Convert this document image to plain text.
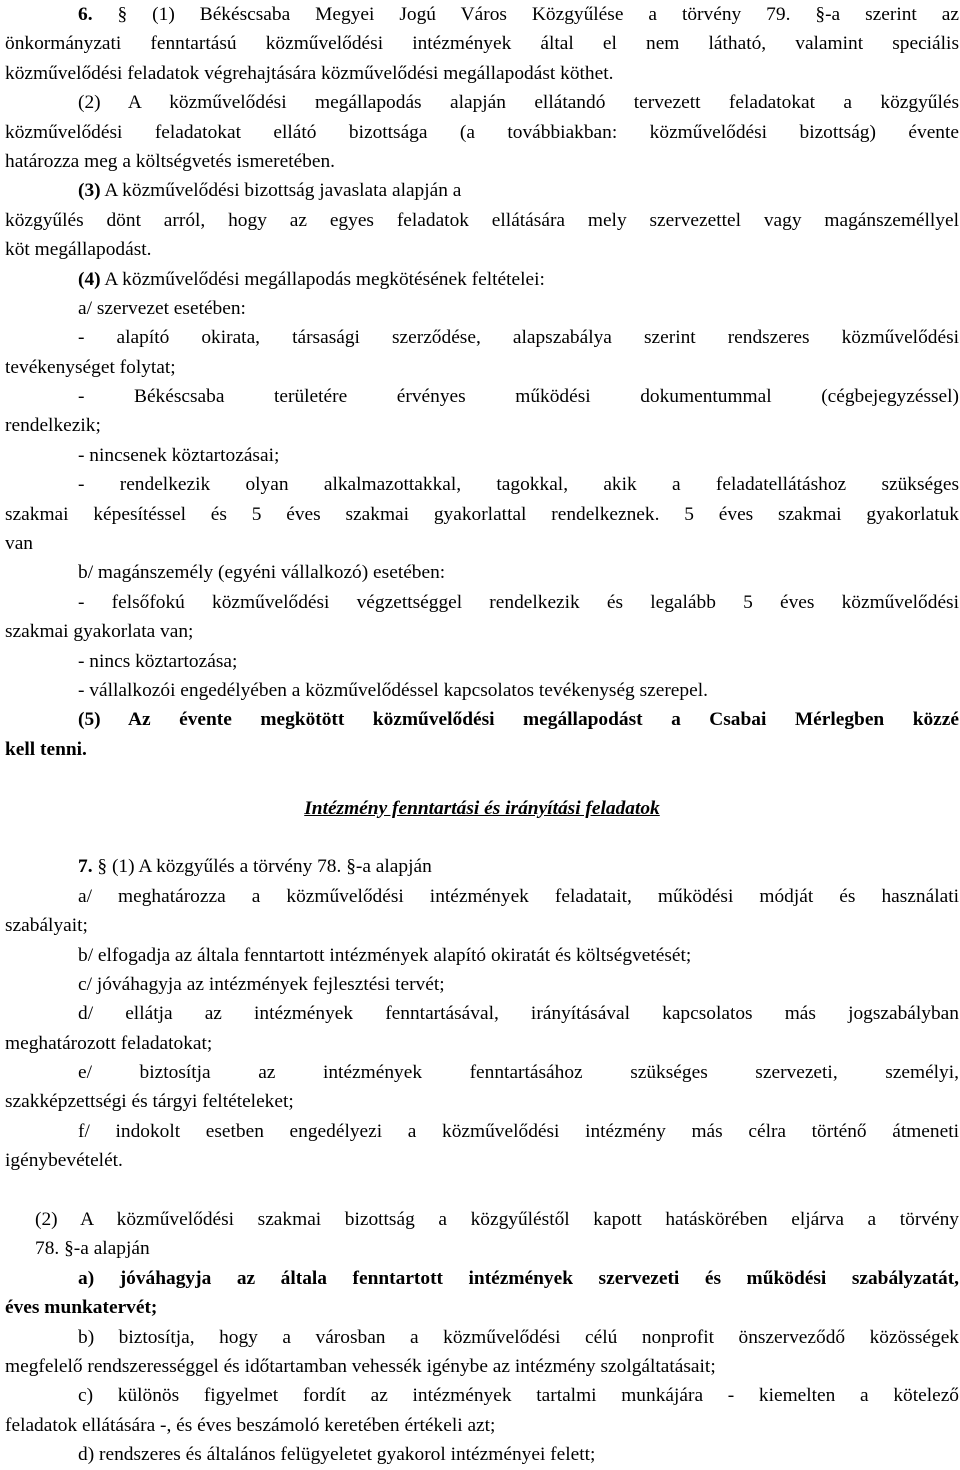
6. § (1) Békéscsaba Megyei Jogú Város Közgyűlése a törvény 79. §-a szerint az
önkormányzati fenntartású közművelődési intézmények által el nem látható, valamint speciális
közművelődési feladatok végrehajtására közművelődési megállapodást köthet.
(2) A közművelődési megállapodás alapján ellátandó tervezett feladatokat a közgyűlés
közművelődési feladatokat ellátó bizottsága (a továbbiakban: közművelődési bizottság) évente
határozza meg a költségvetés ismeretében.
(3) A közművelődési bizottság javaslata alapján a
közgyűlés dönt arról, hogy az egyes feladatok ellátására mely szervezettel vagy magánszeméllyel
köt megállapodást.
(4) A közművelődési megállapodás megkötésének feltételei:
a/ szervezet esetében:
- alapító okirata, társasági szerződése, alapszabálya szerint rendszeres közművelődési
tevékenységet folytat;
- Békéscsaba területére érvényes működési dokumentummal (cégbejegyzéssel)
rendelkezik;
- nincsenek köztartozásai;
- rendelkezik olyan alkalmazottakkal, tagokkal, akik a feladatellátáshoz szükséges
szakmai képesítéssel és 5 éves szakmai gyakorlattal rendelkeznek. 5 éves szakmai gyakorlatuk
van
b/ magánszemély (egyéni vállalkozó) esetében:
- felsőfokú közművelődési végzettséggel rendelkezik és legalább 5 éves közművelődési
szakmai gyakorlata van;
- nincs köztartozása;
- vállalkozói engedélyében a közművelődéssel kapcsolatos tevékenység szerepel.
(5) Az évente megkötött közművelődési megállapodást a Csabai Mérlegben közzé
kell tenni.
Intézmény fenntartási és irányítási feladatok
7. § (1) A közgyűlés a törvény 78. §-a alapján
a/ meghatározza a közművelődési intézmények feladatait, működési módját és használati
szabályait;
b/ elfogadja az általa fenntartott intézmények alapító okiratát és költségvetését;
c/ jóváhagyja az intézmények fejlesztési tervét;
d/ ellátja az intézmények fenntartásával, irányításával kapcsolatos más jogszabályban
meghatározott feladatokat;
e/ biztosítja az intézmények fenntartásához szükséges szervezeti, személyi,
szakképzettségi és tárgyi feltételeket;
f/ indokolt esetben engedélyezi a közművelődési intézmény más célra történő átmeneti
igénybevételét.
(2) A közművelődési szakmai bizottság a közgyűléstől kapott hatáskörében eljárva a törvény
78. §-a alapján
a) jóváhagyja az általa fenntartott intézmények szervezeti és működési szabályzatát,
éves munkatervét;
b) biztosítja, hogy a városban a közművelődési célú nonprofit önszerveződő közösségek
megfelelő rendszerességgel és időtartamban vehessék igénybe az intézmény szolgáltatásait;
c) különös figyelmet fordít az intézmények tartalmi munkájára - kiemelten a kötelező
feladatok ellátására -, és éves beszámoló keretében értékeli azt;
d) rendszeres és általános felügyeletet gyakorol intézményei felett;
